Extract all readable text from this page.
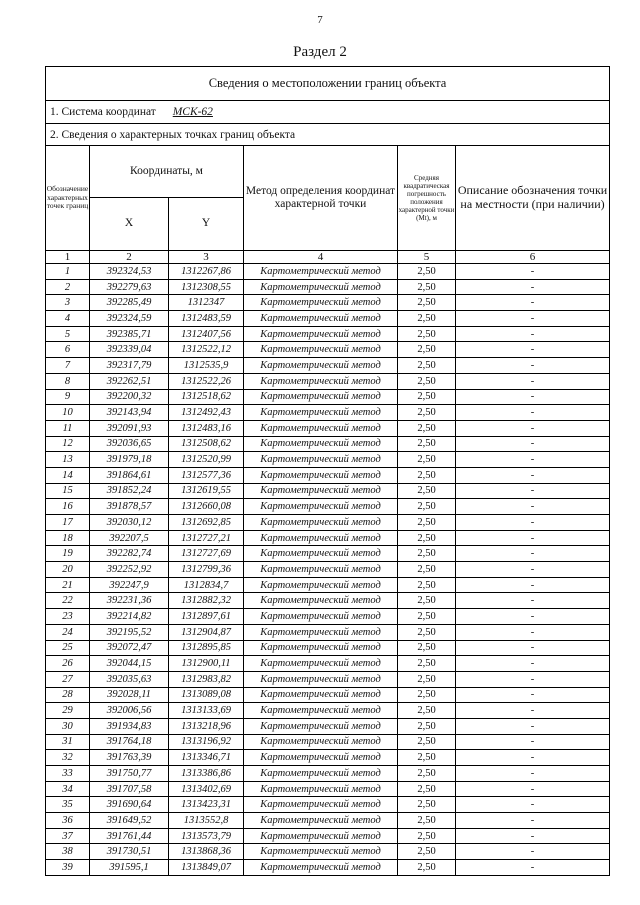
7
Раздел 2
Сведения о местоположении границ объекта					
1. Система координат МСК-62					
2. Сведения о характерных точках границ объекта					
Обозначение характерных точек границ	Координаты, м		Метод определения координат характерной точки	Средняя квадратическая погрешность положения характерной точки (Mt), м	Описание обозначения точки на местности (при наличии)
	X	Y			
1	2	3	4	5	6
1	392324,53	1312267,86	Картометрический метод	2,50	-
2	392279,63	1312308,55	Картометрический метод	2,50	-
3	392285,49	1312347	Картометрический метод	2,50	-
4	392324,59	1312483,59	Картометрический метод	2,50	-
5	392385,71	1312407,56	Картометрический метод	2,50	-
6	392339,04	1312522,12	Картометрический метод	2,50	-
7	392317,79	1312535,9	Картометрический метод	2,50	-
8	392262,51	1312522,26	Картометрический метод	2,50	-
9	392200,32	1312518,62	Картометрический метод	2,50	-
10	392143,94	1312492,43	Картометрический метод	2,50	-
11	392091,93	1312483,16	Картометрический метод	2,50	-
12	392036,65	1312508,62	Картометрический метод	2,50	-
13	391979,18	1312520,99	Картометрический метод	2,50	-
14	391864,61	1312577,36	Картометрический метод	2,50	-
15	391852,24	1312619,55	Картометрический метод	2,50	-
16	391878,57	1312660,08	Картометрический метод	2,50	-
17	392030,12	1312692,85	Картометрический метод	2,50	-
18	392207,5	1312727,21	Картометрический метод	2,50	-
19	392282,74	1312727,69	Картометрический метод	2,50	-
20	392252,92	1312799,36	Картометрический метод	2,50	-
21	392247,9	1312834,7	Картометрический метод	2,50	-
22	392231,36	1312882,32	Картометрический метод	2,50	-
23	392214,82	1312897,61	Картометрический метод	2,50	-
24	392195,52	1312904,87	Картометрический метод	2,50	-
25	392072,47	1312895,85	Картометрический метод	2,50	-
26	392044,15	1312900,11	Картометрический метод	2,50	-
27	392035,63	1312983,82	Картометрический метод	2,50	-
28	392028,11	1313089,08	Картометрический метод	2,50	-
29	392006,56	1313133,69	Картометрический метод	2,50	-
30	391934,83	1313218,96	Картометрический метод	2,50	-
31	391764,18	1313196,92	Картометрический метод	2,50	-
32	391763,39	1313346,71	Картометрический метод	2,50	-
33	391750,77	1313386,86	Картометрический метод	2,50	-
34	391707,58	1313402,69	Картометрический метод	2,50	-
35	391690,64	1313423,31	Картометрический метод	2,50	-
36	391649,52	1313552,8	Картометрический метод	2,50	-
37	391761,44	1313573,79	Картометрический метод	2,50	-
38	391730,51	1313868,36	Картометрический метод	2,50	-
39	391595,1	1313849,07	Картометрический метод	2,50	-
